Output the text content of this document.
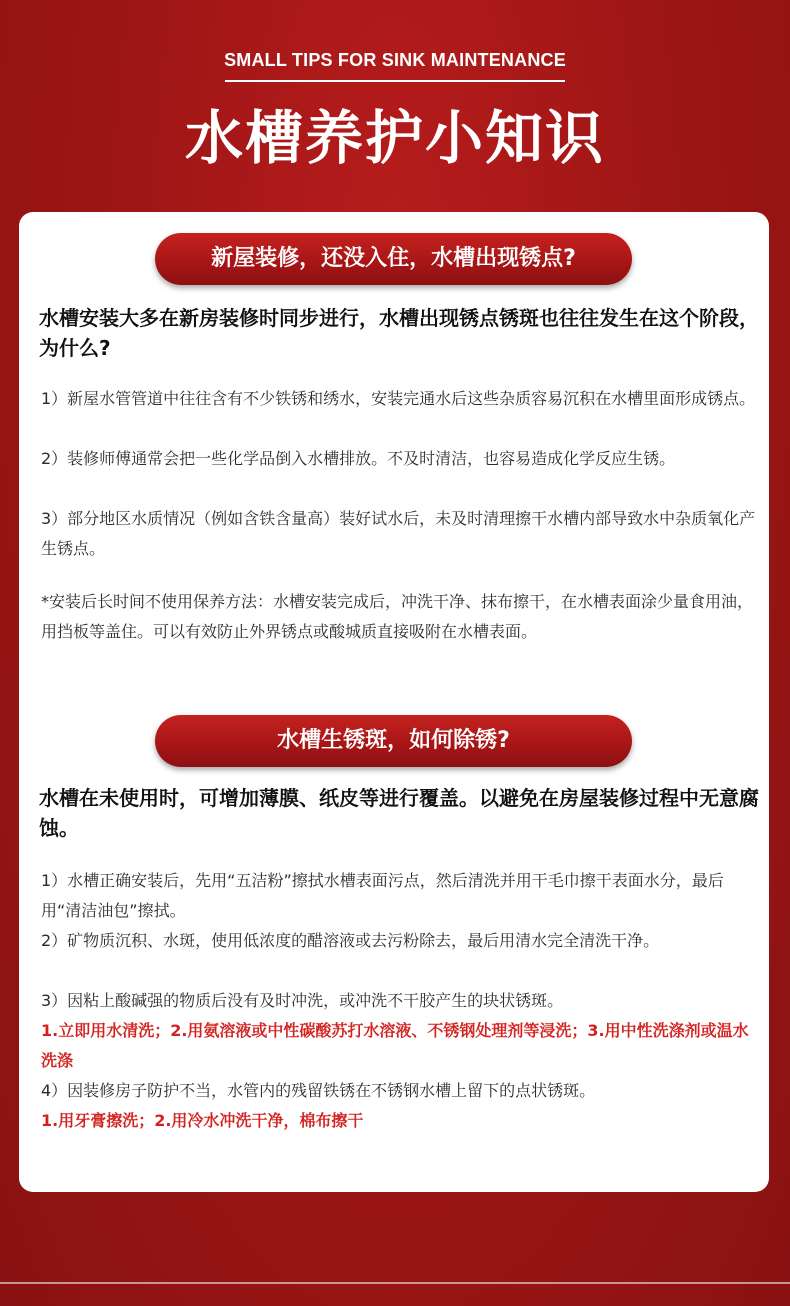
SMALL TIPS FOR SINK MAINTENANCE
水槽养护小知识
新屋装修，还没入住，水槽出现锈点?
水槽安装大多在新房装修时同步进行，水槽出现锈点锈斑也往往发生在这个阶段，为什么?
1）新屋水管管道中往往含有不少铁锈和绣水，安装完通水后这些杂质容易沉积在水槽里面形成锈点。
2）装修师傅通常会把一些化学品倒入水槽排放。不及时清洁，也容易造成化学反应生锈。
3）部分地区水质情况（例如含铁含量高）装好试水后，未及时清理擦干水槽内部导致水中杂质氧化产生锈点。
*安装后长时间不使用保养方法：水槽安装完成后，冲洗干净、抹布擦干，在水槽表面涂少量食用油，用挡板等盖住。可以有效防止外界锈点或酸城质直接吸附在水槽表面。
水槽生锈斑，如何除锈?
水槽在未使用时，可增加薄膜、纸皮等进行覆盖。以避免在房屋装修过程中无意腐蚀。
1）水槽正确安装后，先用“五洁粉”擦拭水槽表面污点，然后清洗并用干毛巾擦干表面水分，最后用“清洁油包”擦拭。
2）矿物质沉积、水斑，使用低浓度的醋溶液或去污粉除去，最后用清水完全清洗干净。
3）因粘上酸碱强的物质后没有及时冲洗，或冲洗不干胶产生的块状锈斑。
1.立即用水清洗；2.用氨溶液或中性碳酸苏打水溶液、不锈钢处理剂等浸洗；3.用中性洗涤剂或温水洗涤
4）因装修房子防护不当，水管内的残留铁锈在不锈钢水槽上留下的点状锈斑。
1.用牙膏擦洗；2.用冷水冲洗干净，棉布擦干
